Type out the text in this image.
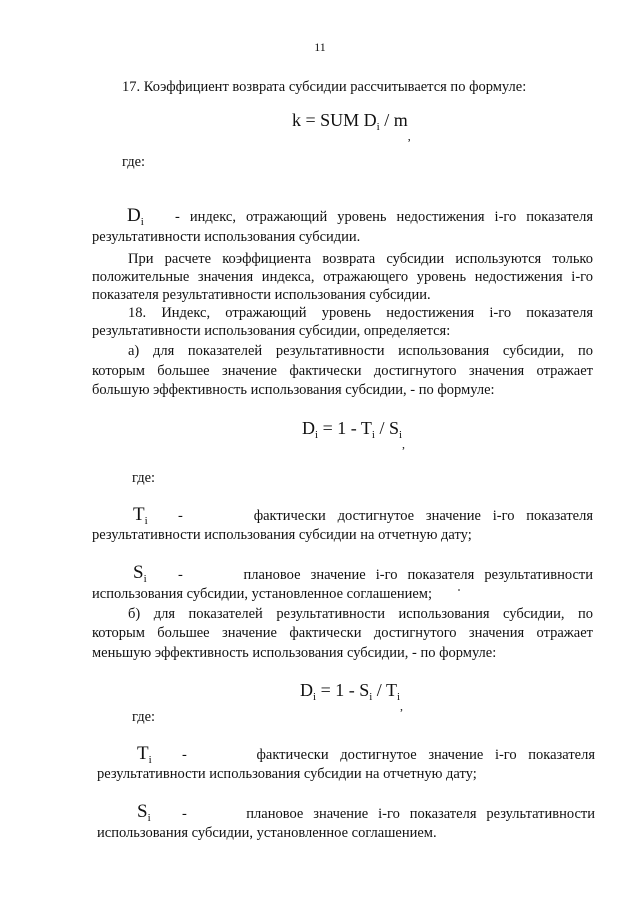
11
17. Коэффициент возврата субсидии рассчитывается по формуле:
k = SUM $D_i / m_,$
где:
$D_i$ - индекс, отражающий уровень недостижения i-го показателя
результативности использования субсидии.
При расчете коэффициента возврата субсидии используются только
положительные значения индекса, отражающего уровень недостижения i-го
показателя результативности использования субсидии.
18. Индекс, отражающий уровень недостижения i-го показателя
результативности использования субсидии, определяется:
а) для показателей результативности использования субсидии, по
которым большее значение фактически достигнутого значения отражает
большую эффективность использования субсидии, - по формуле:
$D_i = 1 - T_i / S_{i,}$
где:
$T_i$ -	фактически достигнутое значение i-го показателя
результативности использования субсидии на отчетную дату;
$S_i$ -	плановое значение i-го показателя результативности
использования субсидии, установленное соглашением;
б) для показателей результативности использования субсидии, по
которым большее значение фактически достигнутого значения отражает
меньшую эффективность использования субсидии, - по формуле:
$D_i = 1 - S_i / T_{i,}$
где:
$T_i$ -	фактически достигнутое значение i-го показателя
результативности использования субсидии на отчетную дату;
$S_i$ -	плановое значение i-го показателя результативности
использования субсидии, установленное соглашением.
